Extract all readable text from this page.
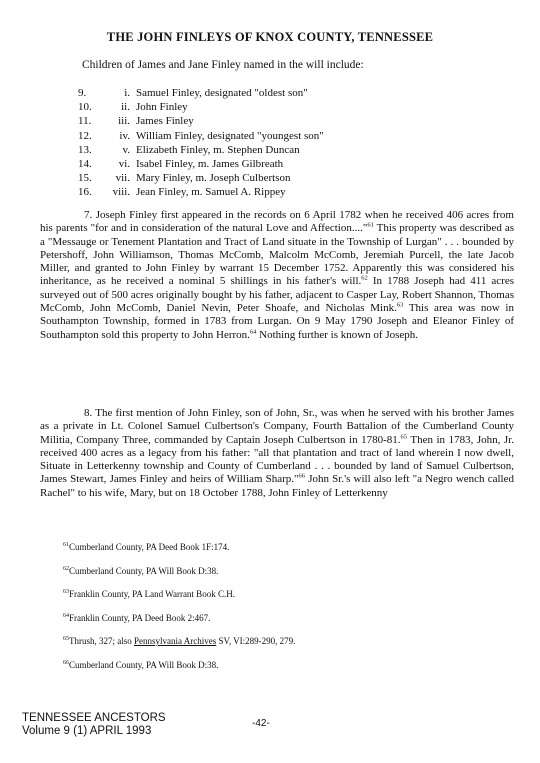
THE JOHN FINLEYS OF KNOX COUNTY, TENNESSEE
Children of James and Jane Finley named in the will include:
9.	i. Samuel Finley, designated "oldest son"
10.	ii. John Finley
11.	iii. James Finley
12.	iv. William Finley, designated "youngest son"
13.	v. Elizabeth Finley, m. Stephen Duncan
14.	vi. Isabel Finley, m. James Gilbreath
15.	vii. Mary Finley, m. Joseph Culbertson
16.	viii. Jean Finley, m. Samuel A. Rippey

7. Joseph Finley first appeared in the records on 6 April 1782 when he received 406 acres from his parents "for and in consideration of the natural Love and Affection...."$^{61}$ This property was described as a "Messauge or Tenement Plantation and Tract of Land situate in the Township of Lurgan" . . . bounded by Petershoff, John Williamson, Thomas McComb, Malcolm McComb, Jeremiah Purcell, the late Jacob Miller, and granted to John Finley by warrant 15 December 1752. Apparently this was considered his inheritance, as he received a nominal 5 shillings in his father's will.$^{62}$ In 1788 Joseph had 411 acres surveyed out of 500 acres originally bought by his father, adjacent to Casper Lay, Robert Shannon, Thomas McComb, John McComb, Daniel Nevin, Peter Shoafe, and Nicholas Mink.$^{63}$ This area was now in Southampton Township, formed in 1783 from Lurgan. On 9 May 1790 Joseph and Eleanor Finley of Southampton sold this property to John Herron.$^{64}$ Nothing further is known of Joseph.

8. The first mention of John Finley, son of John, Sr., was when he served with his brother James as a private in Lt. Colonel Samuel Culbertson's Company, Fourth Battalion of the Cumberland County Militia, Company Three, commanded by Captain Joseph Culbertson in 1780-81.65 Then in 1783, John, Jr. received 400 acres as a legacy from his father: "all that plantation and tract of land wherein I now dwell, Situate in Letterkenny township and County of Cumberland . . . bounded by land of Samuel Culbertson, James Stewart, James Finley and heirs of William Sharp."$^{66}$ John Sr.'s will also left "a Negro wench called Rachel" to his wife, Mary, but on 18 October 1788, John Finley of Letterkenny

$^{61}$Cumberland County, PA Deed Book 1F:174.
$^{62}$Cumberland County, PA Will Book D:38.
$^{63}$Franklin County, PA Land Warrant Book C.H.
$^{64}$Franklin County, PA Deed Book 2:467.
$^{65}$Thrush, 327; also Pennsylvania Archives SV, VI:289-290, 279.
$^{66}$Cumberland County, PA Will Book D:38.
TENNESSEE ANCESTORS
Volume 9 (1) APRIL 1993
-42-
